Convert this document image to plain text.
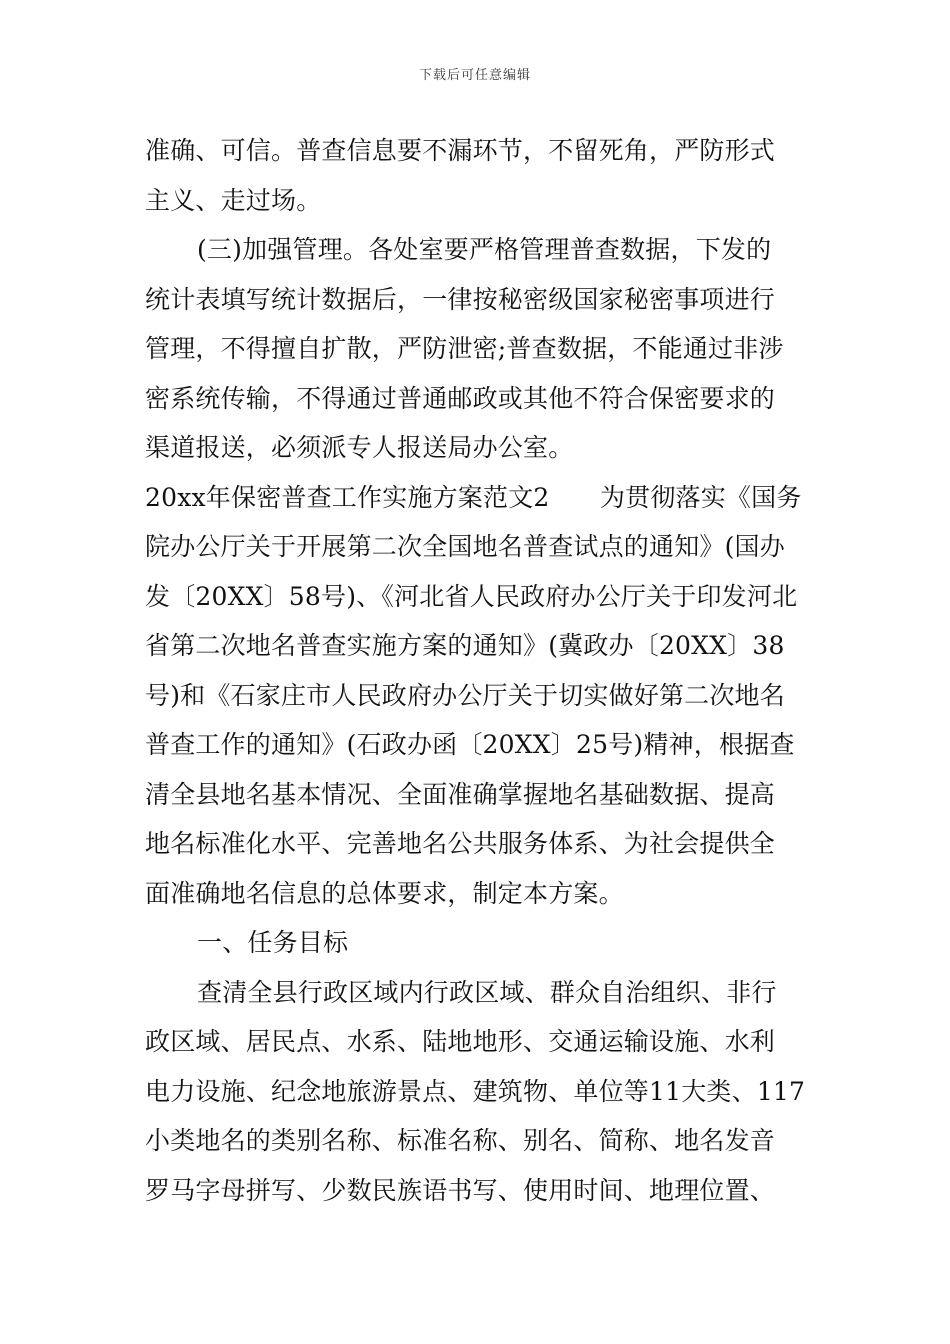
下载后可任意编辑
准确、可信。普查信息要不漏环节，不留死角，严防形式
主义、走过场。
(三)加强管理。各处室要严格管理普查数据，下发的
统计表填写统计数据后，一律按秘密级国家秘密事项进行
管理，不得擅自扩散，严防泄密;普查数据，不能通过非涉
密系统传输，不得通过普通邮政或其他不符合保密要求的
渠道报送，必须派专人报送局办公室。
20xx年保密普查工作实施方案范文2　　为贯彻落实《国务
院办公厅关于开展第二次全国地名普查试点的通知》(国办
发〔20XX〕58号)、《河北省人民政府办公厅关于印发河北
省第二次地名普查实施方案的通知》(冀政办〔20XX〕38
号)和《石家庄市人民政府办公厅关于切实做好第二次地名
普查工作的通知》(石政办函〔20XX〕25号)精神，根据查
清全县地名基本情况、全面准确掌握地名基础数据、提高
地名标准化水平、完善地名公共服务体系、为社会提供全
面准确地名信息的总体要求，制定本方案。
一、任务目标
查清全县行政区域内行政区域、群众自治组织、非行
政区域、居民点、水系、陆地地形、交通运输设施、水利
电力设施、纪念地旅游景点、建筑物、单位等11大类、117
小类地名的类别名称、标准名称、别名、简称、地名发音
罗马字母拼写、少数民族语书写、使用时间、地理位置、
